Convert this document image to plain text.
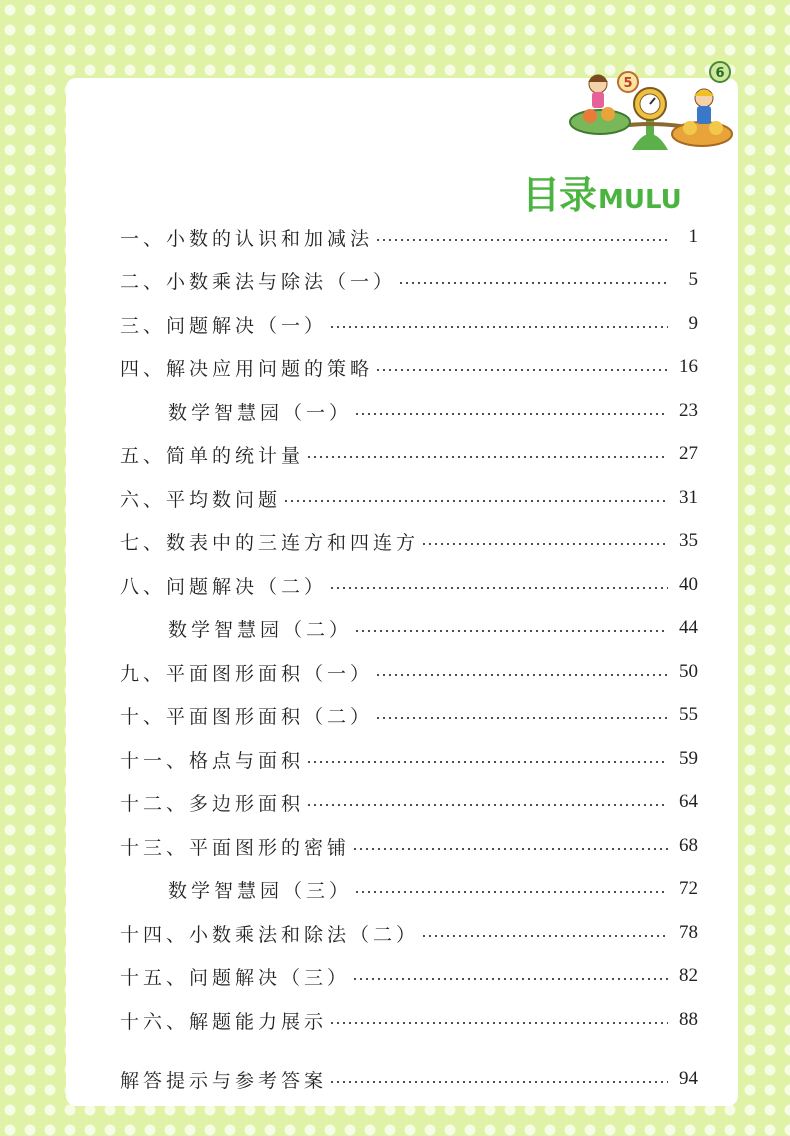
5
6
目录 MULU
一、小数的认识和加减法	1
二、小数乘法与除法（一）	5
三、问题解决（一）	9
四、解决应用问题的策略	16
数学智慧园（一）	23
五、简单的统计量	27
六、平均数问题	31
七、数表中的三连方和四连方	35
八、问题解决（二）	40
数学智慧园（二）	44
九、平面图形面积（一）	50
十、平面图形面积（二）	55
十一、格点与面积	59
十二、多边形面积	64
十三、平面图形的密铺	68
数学智慧园（三）	72
十四、小数乘法和除法（二）	78
十五、问题解决（三）	82
十六、解题能力展示	88
解答提示与参考答案	94
